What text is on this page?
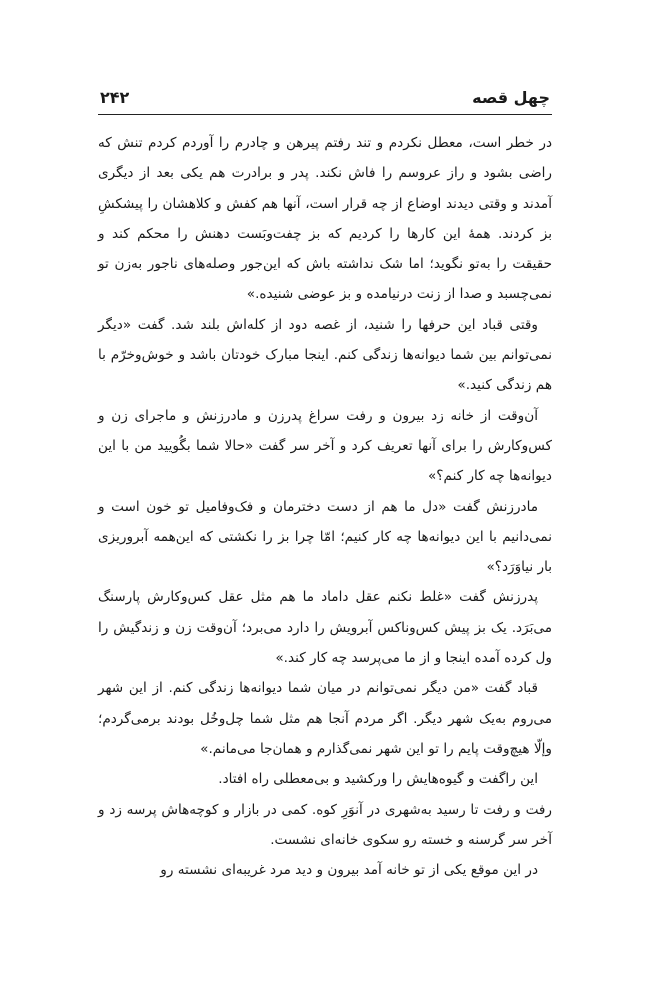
۲۴۲	چهل قصه

در خطر است، معطل نکردم و تند رفتم پیرهن و چادرم را آوردم کردم تنش که راضی بشود و راز عروسم را فاش نکند. پدر و برادرت هم یکی بعد از دیگری آمدند و وقتی دیدند اوضاع از چه قرار است، آنها هم کفش و کلاهشان را پیشکشِ بز کردند. همهٔ این کارها را کردیم که بز چفت‌وبَست دهنش را محکم کند و حقیقت را به‌تو نگوید؛ اما شک نداشته باش که این‌جور وصله‌های ناجور به‌زن تو نمی‌چسبد و صدا از زنت درنیامده و بز عوضی شنیده.»

وقتی قباد این حرفها را شنید، از غصه دود از کله‌اش بلند شد. گفت «دیگر نمی‌توانم بین شما دیوانه‌ها زندگی کنم. اینجا مبارک خودتان باشد و خوش‌وخرّم با هم زندگی کنید.»

آن‌وقت از خانه زد بیرون و رفت سراغ پدرزن و مادرزنش و ماجرای زن و کس‌وکارش را برای آنها تعریف کرد و آخر سر گفت «حالا شما بگُویید من با این دیوانه‌ها چه کار کنم؟»

مادرزنش گفت «دل ما هم از دست دخترمان و فک‌وفامیل تو خون است و نمی‌دانیم با این دیوانه‌ها چه کار کنیم؛ امّا چرا بز را نکشتی که این‌همه آبروریزی بار نیاوَرَد؟»

پدرزنش گفت «غلط نکنم عقل داماد ما هم مثل عقل کس‌وکارش پارسنگ می‌بَرَد. یک بز پیش کس‌وناکس آبرویش را دارد می‌برد؛ آن‌وقت زن و زندگیش را ول کرده آمده اینجا و از ما می‌پرسد چه کار کند.»

قباد گفت «من دیگر نمی‌توانم در میان شما دیوانه‌ها زندگی کنم. از این شهر می‌روم به‌یک شهر دیگر. اگر مردم آنجا هم مثل شما چل‌وخُل بودند برمی‌گردم؛ وإلّا هیچ‌وقت پایم را تو این شهر نمی‌گذارم و همان‌جا می‌مانم.»

این راگفت و گیوه‌هایش را ورکشید و بی‌معطلی راه افتاد.

رفت و رفت تا رسید به‌شهری در آنوَرِ کوه. کمی در بازار و کوچه‌هاش پرسه زد و آخر سر گرسنه و خسته رو سکوی خانه‌ای نشست.

در این موقع یکی از تو خانه آمد بیرون و دید مرد غریبه‌ای نشسته رو
